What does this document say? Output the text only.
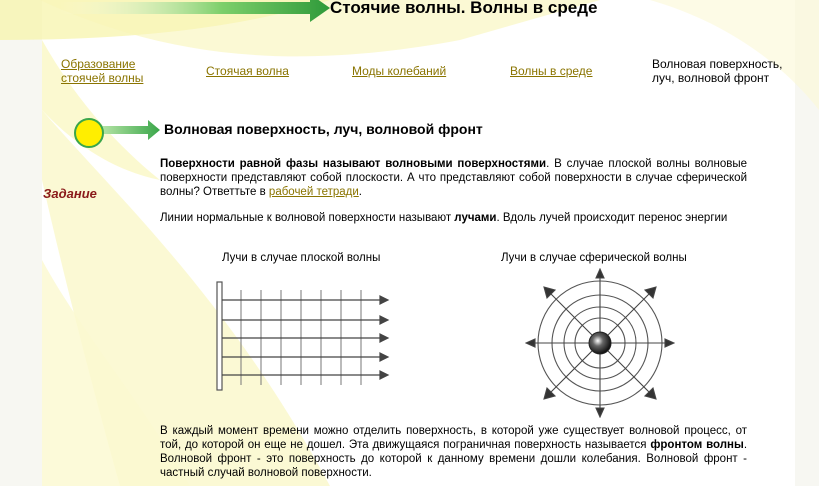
Стоячие волны. Волны в среде
Образование
стоячей волны	Стоячая волна	Моды колебаний	Волны в среде	Волновая поверхность,
луч, волновой фронт
Волновая поверхность, луч, волновой фронт
Задание
Поверхности равной фазы называют волновыми поверхностями. В случае плоской волны волновые поверхности представляют собой плоскости. А что представляют собой поверхности в случае сферической волны? Ответтьте в рабочей тетради.
Линии нормальные к волновой поверхности называют лучами. Вдоль лучей происходит перенос энергии
Лучи в случае плоской волны	Лучи в случае сферической волны
В каждый момент времени можно отделить поверхность, в которой уже существует волновой процесс, от той, до которой он еще не дошел. Эта движущаяся пограничная поверхность называется фронтом волны. Волновой фронт - это поверхность до которой к данному времени дошли колебания. Волновой фронт - частный случай волновой поверхности.
